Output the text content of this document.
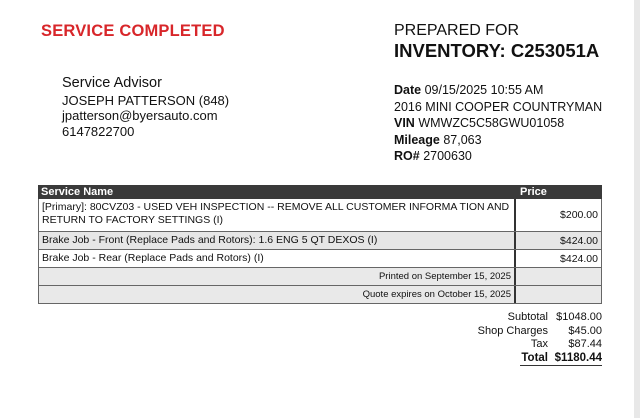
SERVICE COMPLETED
Service Advisor
JOSEPH PATTERSON (848)
jpatterson@byersauto.com
6147822700
PREPARED FOR
INVENTORY: C253051A
Date 09/15/2025 10:55 AM
2016 MINI COOPER COUNTRYMAN
VIN WMWZC5C58GWU01058
Mileage 87,063
RO# 2700630
Service Name	Price
[Primary]: 80CVZ03 - USED VEH INSPECTION -- REMOVE ALL CUSTOMER INFORMA TION AND RETURN TO FACTORY SETTINGS (I)	$200.00
Brake Job - Front (Replace Pads and Rotors): 1.6 ENG 5 QT DEXOS (I)	$424.00
Brake Job - Rear (Replace Pads and Rotors) (I)	$424.00
Printed on September 15, 2025
Quote expires on October 15, 2025
Subtotal $1048.00
Shop Charges	$45.00
Tax	$87.44
Total $1180.44
